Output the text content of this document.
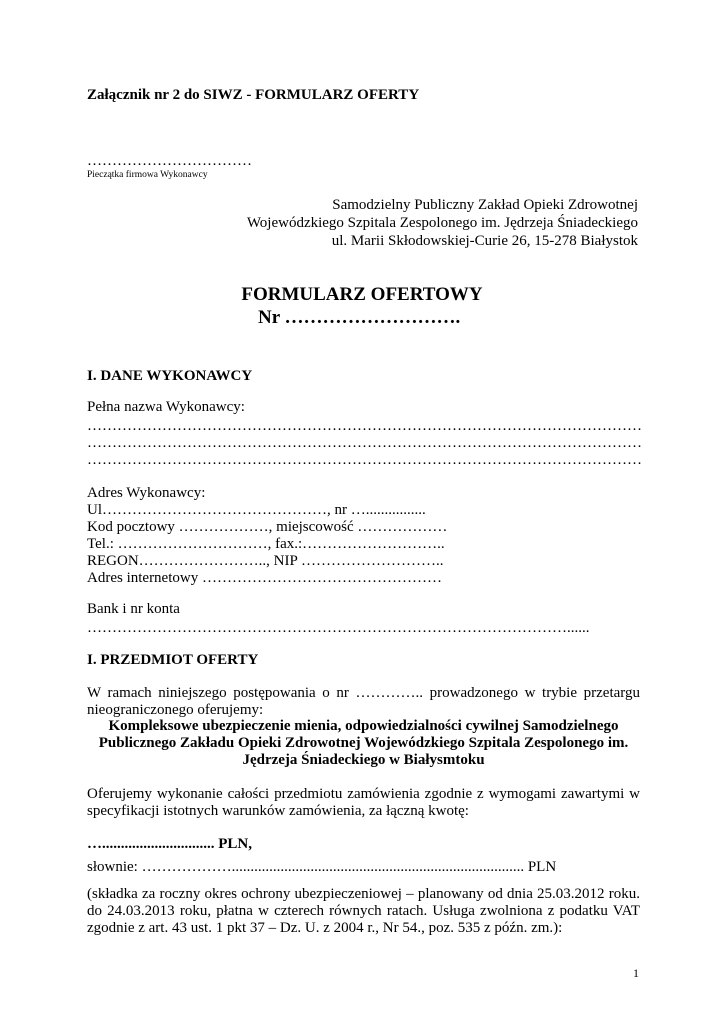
Załącznik nr 2 do SIWZ - FORMULARZ OFERTY
……………………………
Pieczątka firmowa Wykonawcy
Samodzielny Publiczny Zakład Opieki Zdrowotnej
Wojewódzkiego Szpitala Zespolonego im. Jędrzeja Śniadeckiego
ul. Marii Skłodowskiej-Curie 26, 15-278 Białystok
FORMULARZ OFERTOWY
Nr ……………………….
I. DANE WYKONAWCY
Pełna nazwa Wykonawcy:
…………………………………………………………………………………………………
…………………………………………………………………………………………………
…………………………………………………………………………………………………
Adres Wykonawcy:
Ul………………………………………, nr …................
Kod pocztowy ………………, miejscowość ………………
Tel.: …………………………, fax.:………………………..
REGON…………………….., NIP ………………………..
Adres internetowy …………………………………………
Bank i nr konta
……………………………………………………………………………………......
I. PRZEDMIOT OFERTY
W ramach niniejszego postępowania o nr ………….. prowadzonego w trybie przetargu nieograniczonego oferujemy:
Kompleksowe ubezpieczenie mienia, odpowiedzialności cywilnej Samodzielnego Publicznego Zakładu Opieki Zdrowotnej Wojewódzkiego Szpitala Zespolonego im. Jędrzeja Śniadeckiego w Białysmtoku
Oferujemy wykonanie całości przedmiotu zamówienia zgodnie z wymogami zawartymi w specyfikacji istotnych warunków zamówienia, za łączną kwotę:
….............................. PLN,
słownie: ……………….............................................................................. PLN
(składka za roczny okres ochrony ubezpieczeniowej – planowany od dnia 25.03.2012 roku. do 24.03.2013 roku, płatna w czterech równych ratach. Usługa zwolniona z podatku VAT zgodnie z art. 43 ust. 1 pkt 37 – Dz. U. z 2004 r., Nr 54., poz. 535 z późn. zm.):
1
